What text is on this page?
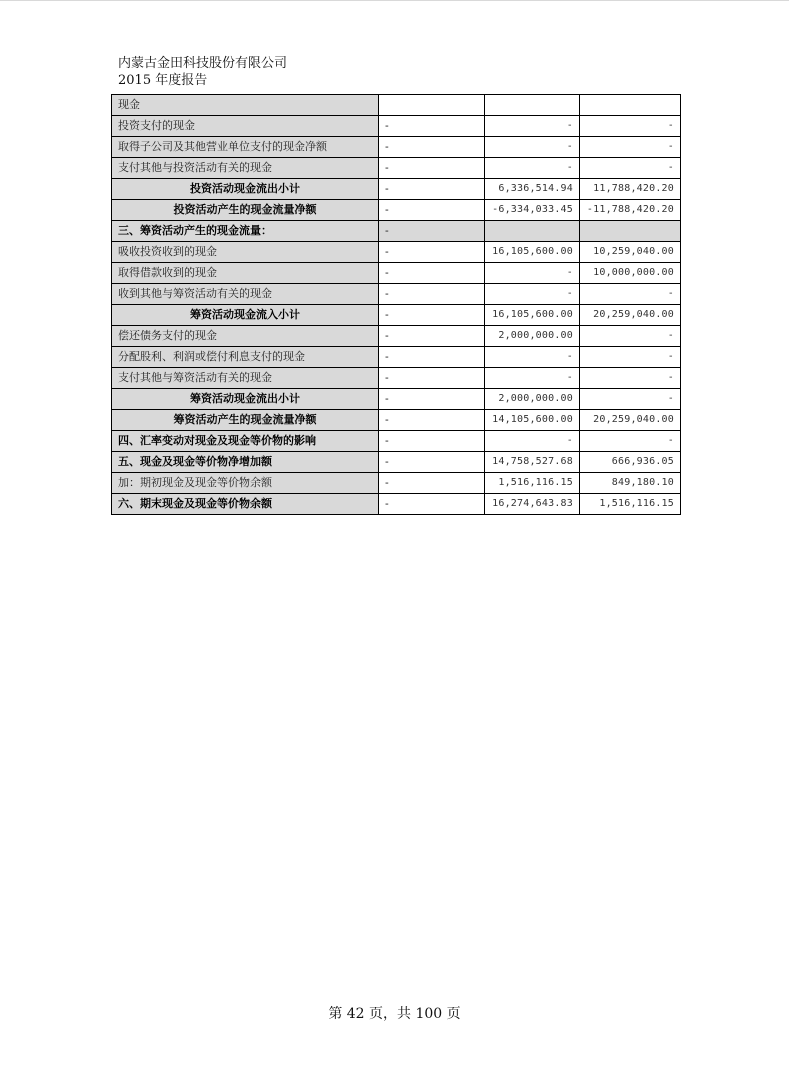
内蒙古金田科技股份有限公司
2015 年度报告
现金			
投资支付的现金	-	-	-
取得子公司及其他营业单位支付的现金净额	-	-	-
支付其他与投资活动有关的现金	-	-	-
投资活动现金流出小计	-	6,336,514.94	11,788,420.20
投资活动产生的现金流量净额	-	-6,334,033.45	-11,788,420.20
三、筹资活动产生的现金流量：	-		
吸收投资收到的现金	-	16,105,600.00	10,259,040.00
取得借款收到的现金	-	-	10,000,000.00
收到其他与筹资活动有关的现金	-	-	-
筹资活动现金流入小计	-	16,105,600.00	20,259,040.00
偿还债务支付的现金	-	2,000,000.00	-
分配股利、利润或偿付利息支付的现金	-	-	-
支付其他与筹资活动有关的现金	-	-	-
筹资活动现金流出小计	-	2,000,000.00	-
筹资活动产生的现金流量净额	-	14,105,600.00	20,259,040.00
四、汇率变动对现金及现金等价物的影响	-	-	-
五、现金及现金等价物净增加额	-	14,758,527.68	666,936.05
加：期初现金及现金等价物余额	-	1,516,116.15	849,180.10
六、期末现金及现金等价物余额	-	16,274,643.83	1,516,116.15
第 42 页，共 100 页
